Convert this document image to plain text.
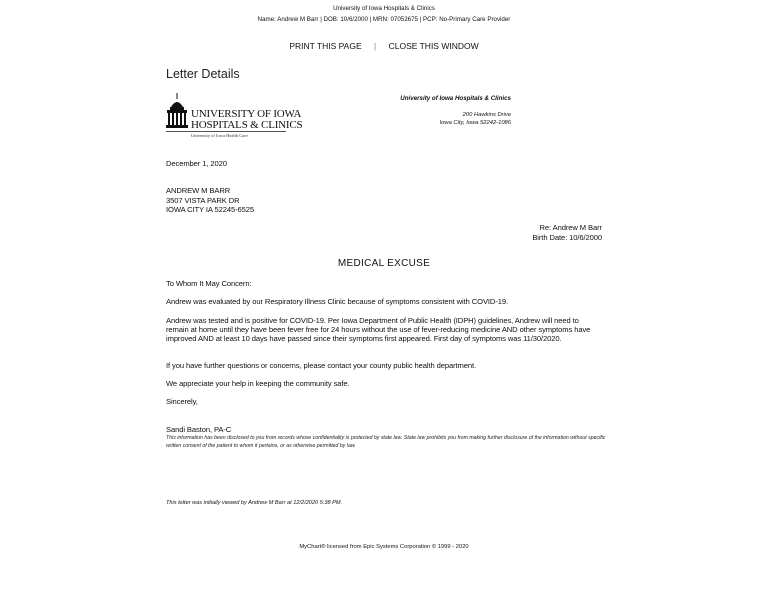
University of Iowa Hospitals & Clinics
Name: Andrew M Barr | DOB: 10/6/2000 | MRN: 07052675 | PCP: No-Primary Care Provider
PRINT THIS PAGE | CLOSE THIS WINDOW
Letter Details
UNIVERSITY OF IOWA
HOSPITALS & CLINICS
University of Iowa Health Care
University of Iowa Hospitals & Clinics
200 Hawkins Drive
Iowa City, Iowa 52242-1086
December 1, 2020
ANDREW M BARR
3507 VISTA PARK DR
IOWA CITY IA 52245-6525
Re: Andrew M Barr
Birth Date: 10/6/2000
MEDICAL EXCUSE
To Whom It May Concern:
Andrew was evaluated by our Respiratory Illness Clinic because of symptoms consistent with COVID-19.
Andrew was tested and is positive for COVID-19. Per Iowa Department of Public Health (IDPH) guidelines, Andrew will need to remain at home until they have been fever free for 24 hours without the use of fever-reducing medicine AND other symptoms have improved AND at least 10 days have passed since their symptoms first appeared. First day of symptoms was 11/30/2020.
If you have further questions or concerns, please contact your county public health department.
We appreciate your help in keeping the community safe.
Sincerely,
Sandi Baston, PA-C
This information has been disclosed to you from records whose confidentiality is protected by state law. State law prohibits you from making further disclosure of the information without specific written consent of the patient to whom it pertains, or as otherwise permitted by law.
This letter was initially viewed by Andrew M Barr at 12/2/2020 5:38 PM.
MyChart® licensed from Epic Systems Corporation © 1999 - 2020
